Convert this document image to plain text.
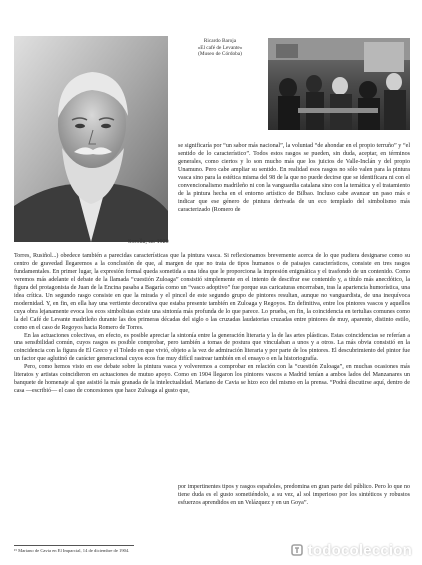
Sorolla, ca. 1920
Ricardo Baroja
«El café de Levante»
(Museo de Córdoba)

se significaría por “un sabor más nacional”, la voluntad “de ahondar en el propio terruño” y “el sentido de lo característico”. Todos estos rasgos se pueden, sin duda, aceptar, en términos generales, como ciertos y lo son mucho más que los juicios de Valle-Inclán y del propio Unamuno. Pero cabe ampliar su sentido. En realidad esos rasgos no sólo valen para la pintura vasca sino para la estética misma del 98 de la que no puede decirse que se identificara ni con el convencionalismo madrileño ni con la vanguardia catalana sino con la temática y el tratamiento de la pintura hecha en el entorno artístico de Bilbao. Incluso cabe avanzar un paso más e indicar que ese género de pintura derivada de un eco templado del simbolismo más caracterizado (Romero de

Torres, Rusiñol...) obedece también a parecidas características que la pintura vasca. Si reflexionamos brevemente acerca de lo que pudiera designarse como su centro de gravedad llegaremos a la conclusión de que, al margen de que no trata de tipos humanos o de paisajes característicos, consiste en tres rasgos fundamentales. En primer lugar, la expresión formal queda sometida a una idea que le proporciona la impresión enigmática y el trasfondo de un contenido. Como veremos más adelante el debate de la llamada “cuestión Zuloaga” consistió simplemente en el intento de descifrar ese contenido y, a título más anecdótico, la figura del protagonista de Juan de la Encina pasaba a Bagaría como un “vasco adoptivo” fue porque sus caricaturas encerraban, tras la apariencia humorística, una idea crítica. Un segundo rasgo consiste en que la mirada y el pincel de este segundo grupo de pintores resultan, aunque no vanguardista, de una inequívoca modernidad. Y, en fin, en ella hay una vertiente decorativa que estaba presente también en Zuloaga y Regoyos. En definitiva, entre los pintores vascos y aquellos cuya obra lejanamente evoca los ecos simbolistas existe una sintonía más profunda de lo que parece. Lo prueba, en fin, la coincidencia en tertulias comunes como la del Café de Levante madrileño durante las dos primeras décadas del siglo o las cruzadas laudatorias cruzadas entre pintores de muy, aparente, distinto estilo, como en el caso de Regoyos hacia Romero de Torres.

En las actuaciones colectivas, en efecto, es posible apreciar la sintonía entre la generación literaria y la de las artes plásticas. Estas coincidencias se referían a una sensibilidad común, cuyos rasgos es posible comprobar, pero también a tomas de postura que vinculaban a unos y a otros. La más obvia consistió en la coincidencia con la figura de El Greco y el Toledo en que vivió, objeto a la vez de admiración literaria y por parte de los pintores. El descubrimiento del pintor fue un factor que aglutinó de carácter generacional cuyos ecos fue muy difícil rastrear también en el ensayo o en la historiografía.

Pero, como hemos visto en ese debate sobre la pintura vasca y volveremos a comprobar en relación con la “cuestión Zuloaga”, en muchas ocasiones más literatos y artistas coincidieron en actuaciones de mutuo apoyo. Como en 1904 llegaron los pintores vascos a Madrid tenían a ambos lados del Manzanares un banquete de homenaje al que asistió la más granada de la intelectualidad. Mariano de Cavia se hizo eco del mismo en la prensa. “Podrá discutirse aquí, dentro de casa —escribió— el caso de concesiones que hace Zuloaga al gusto que,

por impertinentes tipos y rasgos españoles, predomina en gran parte del público. Pero lo que no tiene duda es el gusto sometiéndolo, a su vez, al sol imperioso por los sintéticos y robustos esfuerzos aprendidos en un Velázquez y en un Goya”.

¹⁵ Mariano de Cavia en El Imparcial, 14 de diciembre de 1904.	todocoleccion
